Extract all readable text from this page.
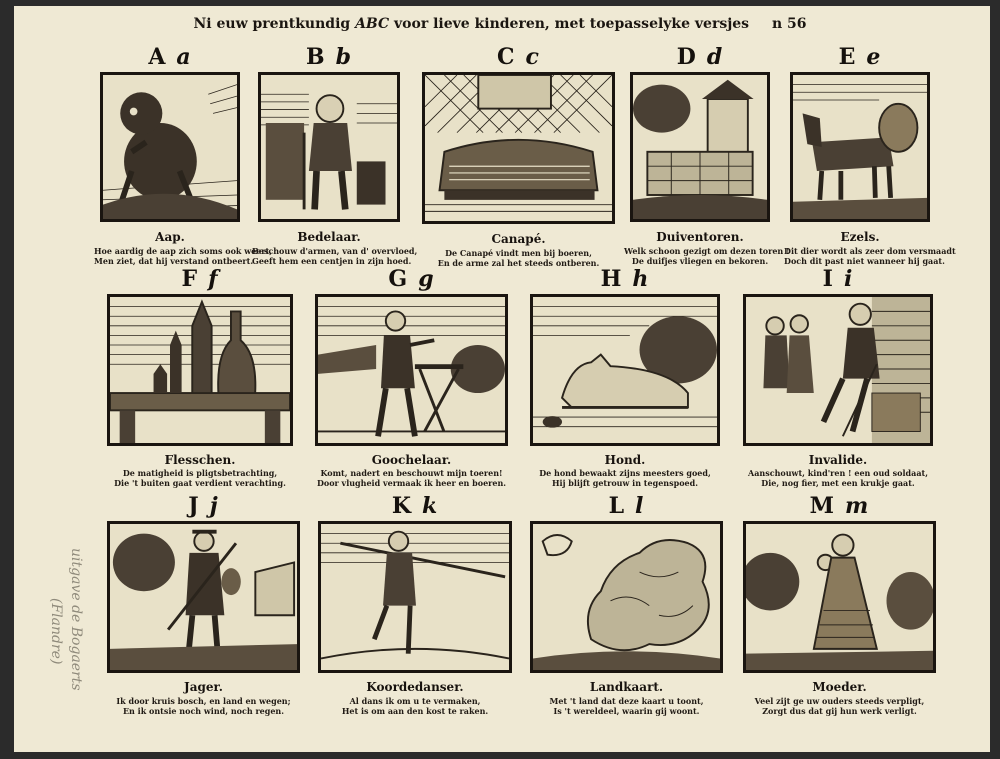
Ni euw prentkundig ABC voor lieve kinderen, met toepasselyke versjes n 56
uitgave de Bogaerts
(Flandre)
A a
Aap.
Hoe aardig de aap zich soms ook weert,
Men ziet, dat hij verstand ontbeert.
B b
Bedelaar.
Beschouw d'armen, van d' overvloed,
Geeft hem een centjen in zijn hoed.
C c
Canapé.
De Canapé vindt men bij boeren,
En de arme zal het steeds ontberen.
D d
Duiventoren.
Welk schoon gezigt om dezen toren !
De duifjes vliegen en bekoren.
E e
Ezels.
Dit dier wordt als zeer dom versmaadt
Doch dit past niet wanneer hij gaat.
F f
Flesschen.
De matigheid is pligtsbetrachting,
Die 't buiten gaat verdient verachting.
G g
Goochelaar.
Komt, nadert en beschouwt mijn toeren!
Door vlugheid vermaak ik heer en boeren.
H h
Hond.
De hond bewaakt zijns meesters goed,
Hij blijft getrouw in tegenspoed.
I i
Invalide.
Aanschouwt, kind'ren ! een oud soldaat,
Die, nog fier, met een krukje gaat.
J j
Jager.
Ik door kruis bosch, en land en wegen;
En ik ontsie noch wind, noch regen.
K k
Koordedanser.
Al dans ik om u te vermaken,
Het is om aan den kost te raken.
L l
Landkaart.
Met 't land dat deze kaart u toont,
Is 't wereldeel, waarin gij woont.
M m
Moeder.
Veel zijt ge uw ouders steeds verpligt,
Zorgt dus dat gij hun werk verligt.
